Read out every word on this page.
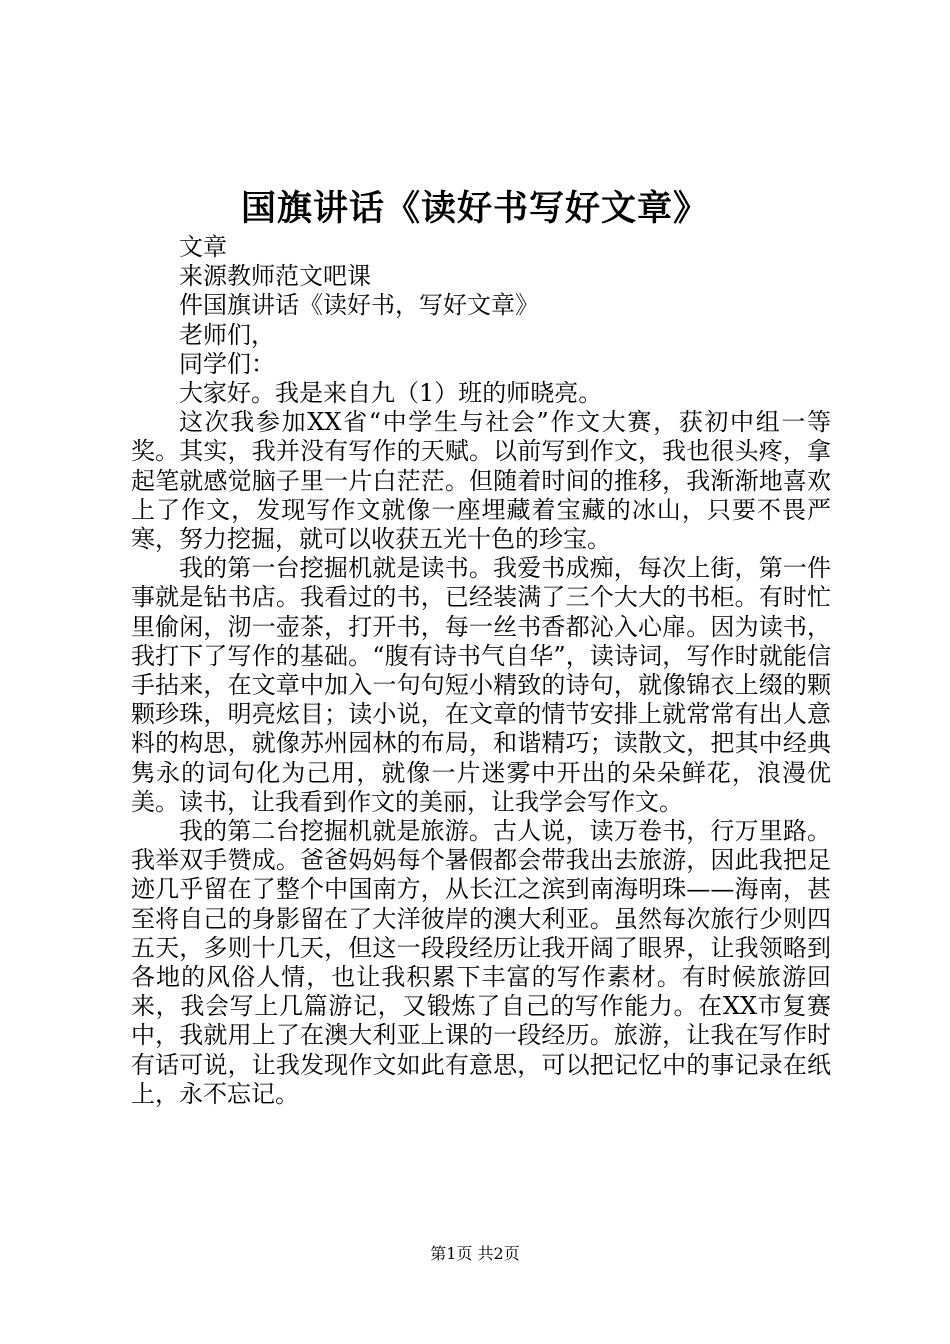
国旗讲话《读好书写好文章》
文章
来源教师范文吧课
件国旗讲话《读好书，写好文章》
老师们，
同学们：
大家好。我是来自九（1）班的师晓亮。

这次我参加XX省“中学生与社会”作文大赛，获初中组一等奖。其实，我并没有写作的天赋。以前写到作文，我也很头疼，拿起笔就感觉脑子里一片白茫茫。但随着时间的推移，我渐渐地喜欢上了作文，发现写作文就像一座埋藏着宝藏的冰山，只要不畏严寒，努力挖掘，就可以收获五光十色的珍宝。

我的第一台挖掘机就是读书。我爱书成痴，每次上街，第一件事就是钻书店。我看过的书，已经装满了三个大大的书柜。有时忙里偷闲，沏一壶茶，打开书，每一丝书香都沁入心扉。因为读书，我打下了写作的基础。“腹有诗书气自华”，读诗词，写作时就能信手拈来，在文章中加入一句句短小精致的诗句，就像锦衣上缀的颗颗珍珠，明亮炫目；读小说，在文章的情节安排上就常常有出人意料的构思，就像苏州园林的布局，和谐精巧；读散文，把其中经典隽永的词句化为己用，就像一片迷雾中开出的朵朵鲜花，浪漫优美。读书，让我看到作文的美丽，让我学会写作文。

我的第二台挖掘机就是旅游。古人说，读万卷书，行万里路。我举双手赞成。爸爸妈妈每个暑假都会带我出去旅游，因此我把足迹几乎留在了整个中国南方，从长江之滨到南海明珠——海南，甚至将自己的身影留在了大洋彼岸的澳大利亚。虽然每次旅行少则四五天，多则十几天，但这一段段经历让我开阔了眼界，让我领略到各地的风俗人情，也让我积累下丰富的写作素材。有时候旅游回来，我会写上几篇游记，又锻炼了自己的写作能力。在XX市复赛中，我就用上了在澳大利亚上课的一段经历。旅游，让我在写作时有话可说，让我发现作文如此有意思，可以把记忆中的事记录在纸上，永不忘记。

第1页 共2页
